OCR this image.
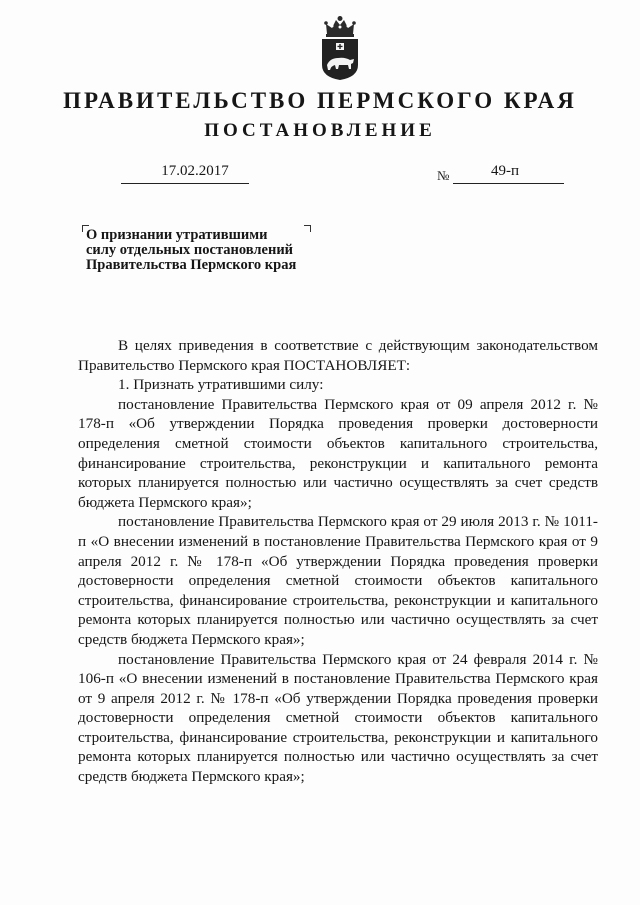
ПРАВИТЕЛЬСТВО ПЕРМСКОГО КРАЯ
ПОСТАНОВЛЕНИЕ
17.02.2017	№	49-п
О признании утратившими
силу отдельных постановлений
Правительства Пермского края

В целях приведения в соответствие с действующим законодательством Правительство Пермского края ПОСТАНОВЛЯЕТ:

1. Признать утратившими силу:

постановление Правительства Пермского края от 09 апреля 2012 г. № 178-п «Об утверждении Порядка проведения проверки достоверности определения сметной стоимости объектов капитального строительства, финансирование строительства, реконструкции и капитального ремонта которых планируется полностью или частично осуществлять за счет средств бюджета Пермского края»;

постановление Правительства Пермского края от 29 июля 2013 г. № 1011-п «О внесении изменений в постановление Правительства Пермского края от 9 апреля 2012 г. № 178-п «Об утверждении Порядка проведения проверки достоверности определения сметной стоимости объектов капитального строительства, финансирование строительства, реконструкции и капитального ремонта которых планируется полностью или частично осуществлять за счет средств бюджета Пермского края»;

постановление Правительства Пермского края от 24 февраля 2014 г. № 106-п «О внесении изменений в постановление Правительства Пермского края от 9 апреля 2012 г. № 178-п «Об утверждении Порядка проведения проверки достоверности определения сметной стоимости объектов капитального строительства, финансирование строительства, реконструкции и капитального ремонта которых планируется полностью или частично осуществлять за счет средств бюджета Пермского края»;
